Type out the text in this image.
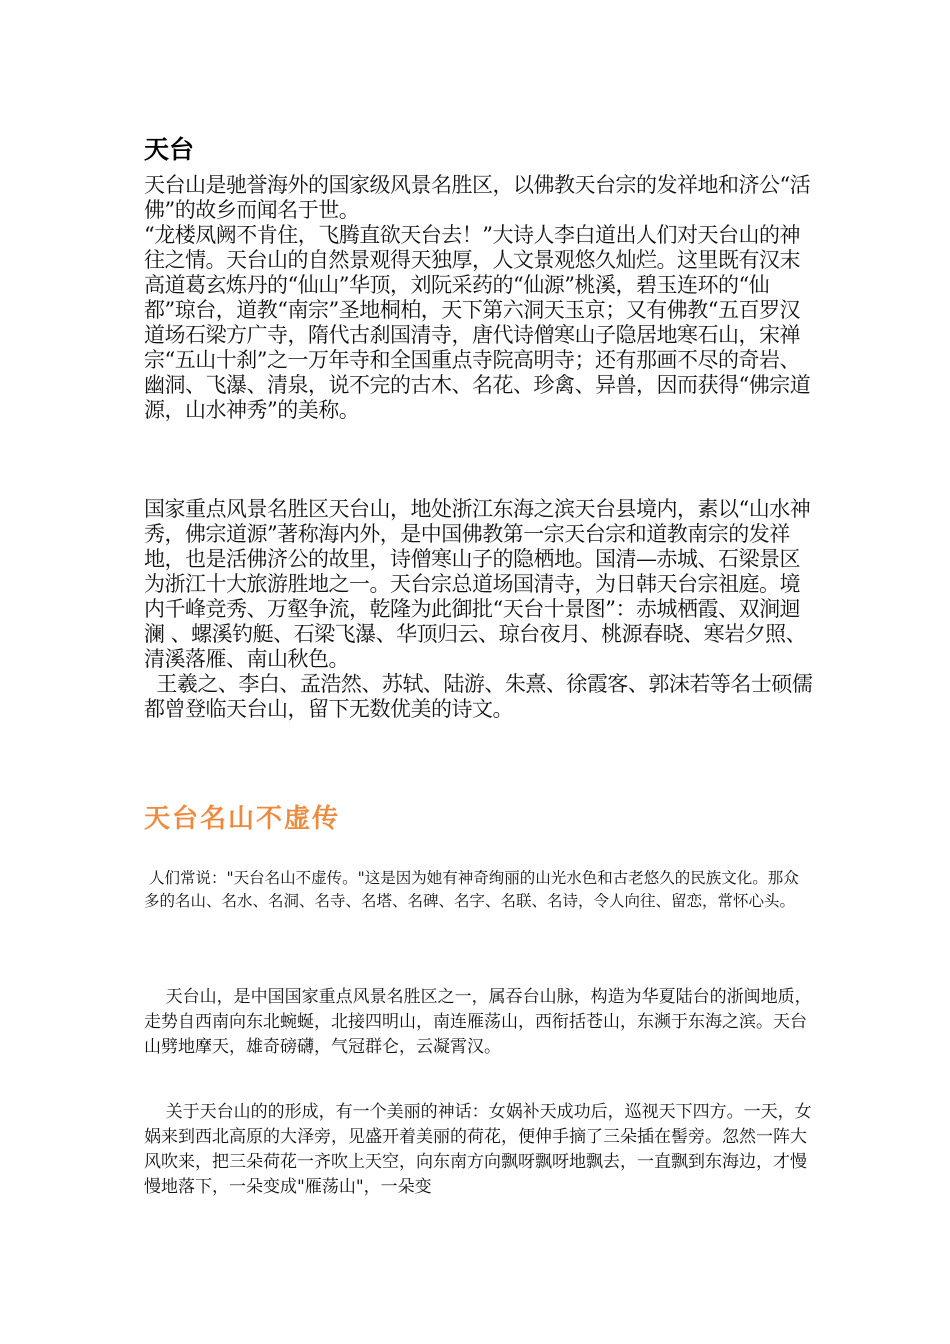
天台

天台山是驰誉海外的国家级风景名胜区，以佛教天台宗的发祥地和济公“活佛”的故乡而闻名于世。
“龙楼凤阙不肯住，飞腾直欲天台去！”大诗人李白道出人们对天台山的神往之情。天台山的自然景观得天独厚，人文景观悠久灿烂。这里既有汉末高道葛玄炼丹的“仙山”华顶，刘阮采药的“仙源”桃溪，碧玉连环的“仙都”琼台，道教“南宗”圣地桐柏，天下第六洞天玉京；又有佛教“五百罗汉道场石梁方广寺，隋代古刹国清寺，唐代诗僧寒山子隐居地寒石山，宋禅宗“五山十刹”之一万年寺和全国重点寺院高明寺；还有那画不尽的奇岩、幽洞、飞瀑、清泉，说不完的古木、名花、珍禽、异兽，因而获得“佛宗道源，山水神秀”的美称。

国家重点风景名胜区天台山，地处浙江东海之滨天台县境内，素以“山水神秀，佛宗道源”著称海内外，是中国佛教第一宗天台宗和道教南宗的发祥地，也是活佛济公的故里，诗僧寒山子的隐栖地。国清—赤城、石梁景区为浙江十大旅游胜地之一。天台宗总道场国清寺，为日韩天台宗祖庭。境内千峰竞秀、万壑争流，乾隆为此御批“天台十景图”：赤城栖霞、双涧迴澜 、螺溪钓艇、石梁飞瀑、华顶归云、琼台夜月、桃源春晓、寒岩夕照、清溪落雁、南山秋色。
王羲之、李白、孟浩然、苏轼、陆游、朱熹、徐霞客、郭沫若等名士硕儒都曾登临天台山，留下无数优美的诗文。

天台名山不虚传

人们常说："天台名山不虚传。"这是因为她有神奇绚丽的山光水色和古老悠久的民族文化。那众多的名山、名水、名洞、名寺、名塔、名碑、名字、名联、名诗，令人向往、留恋，常怀心头。

天台山，是中国国家重点风景名胜区之一，属吞台山脉，构造为华夏陆台的浙闽地质，走势自西南向东北蜿蜒，北接四明山，南连雁荡山，西衔括苍山，东濒于东海之滨。天台山劈地摩天，雄奇磅礴，气冠群仑，云凝霄汉。

关于天台山的的形成，有一个美丽的神话：女娲补天成功后，巡视天下四方。一天，女娲来到西北高原的大泽旁，见盛开着美丽的荷花，便伸手摘了三朵插在髻旁。忽然一阵大风吹来，把三朵荷花一齐吹上天空，向东南方向飘呀飘呀地飘去，一直飘到东海边，才慢慢地落下，一朵变成"雁荡山"，一朵变
